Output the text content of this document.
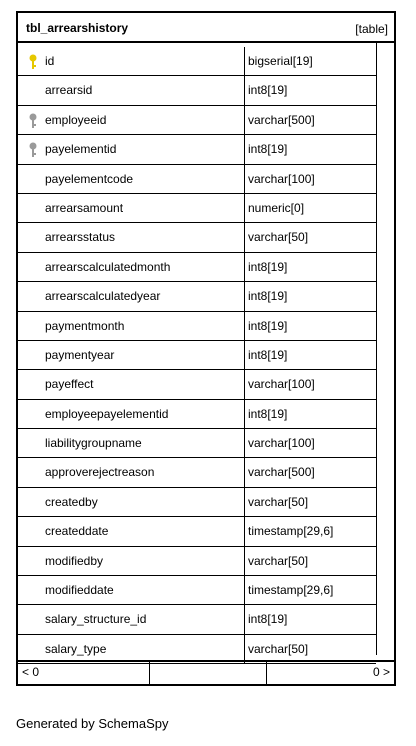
tbl_arrearshistory	[table]
id	bigserial[19]
arrearsid	int8[19]
employeeid	varchar[500]
payelementid	int8[19]
payelementcode	varchar[100]
arrearsamount	numeric[0]
arrearsstatus	varchar[50]
arrearscalculatedmonth	int8[19]
arrearscalculatedyear	int8[19]
paymentmonth	int8[19]
paymentyear	int8[19]
payeffect	varchar[100]
employeepayelementid	int8[19]
liabilitygroupname	varchar[100]
approverejectreason	varchar[500]
createdby	varchar[50]
createddate	timestamp[29,6]
modifiedby	varchar[50]
modifieddate	timestamp[29,6]
salary_structure_id	int8[19]
salary_type	varchar[50]
< 0	0 >
Generated by SchemaSpy
